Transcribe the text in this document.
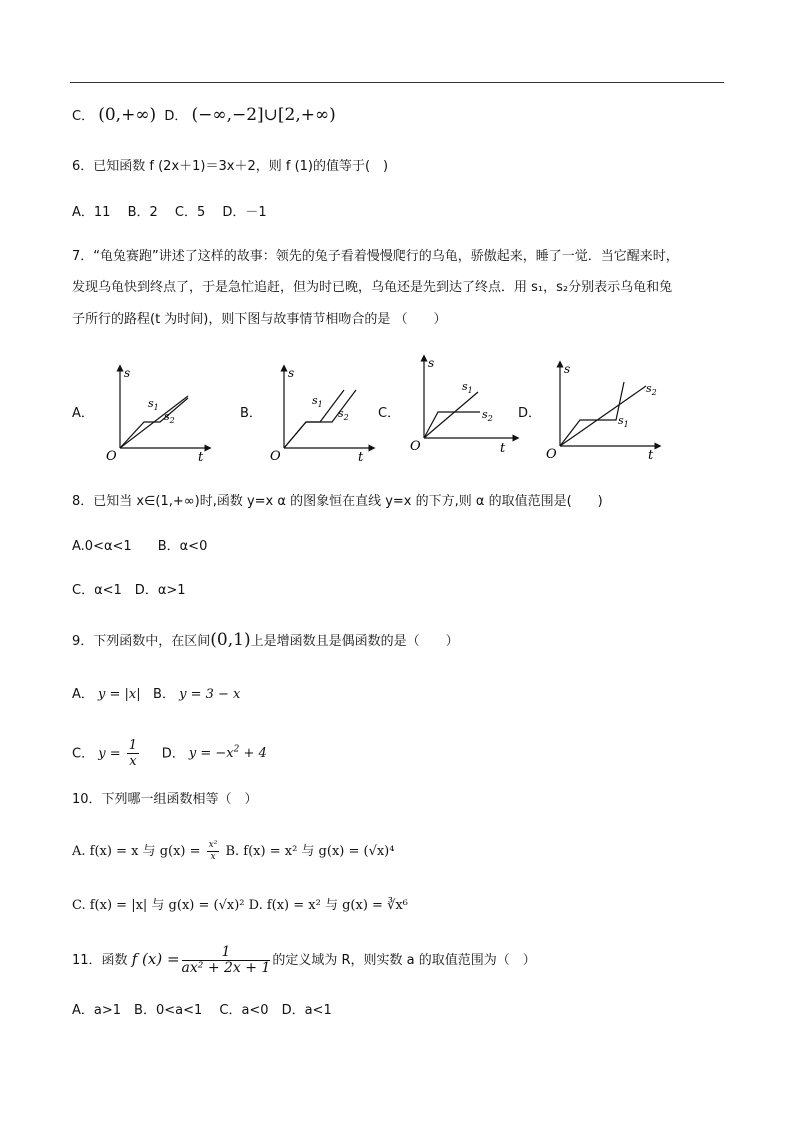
C． (0,+∞) D． (−∞,−2]∪[2,+∞)
6．已知函数 f (2x＋1)＝3x＋2，则 f (1)的值等于(　)
A．11　 B．2　 C．5　 D．－1
7．“龟兔赛跑”讲述了这样的故事：领先的兔子看着慢慢爬行的乌龟，骄傲起来，睡了一觉．当它醒来时，
发现乌龟快到终点了，于是急忙追赶，但为时已晚，乌龟还是先到达了终点．用 s₁，s₂分别表示乌龟和兔
子所行的路程(t 为时间)，则下图与故事情节相吻合的是 （　　）
A．	B．	C．	D．
s
O	t
$s_1$
$s_2$
s
O	t
$s_1$
$s_2$
s
O	t
$s_1$
$s_2$
s
O	t
$s_2$
$s_1$
8．已知当 x∈(1,+∞)时,函数 y=x α 的图象恒在直线 y=x 的下方,则 α 的取值范围是(　　)
A.0<α<1　　B．α<0
C．α<1　D．α>1
9．下列函数中，在区间(0,1)上是增函数且是偶函数的是（　　）
A． y = |x| B． y = 3 − x
C． $y = \frac{1}{x}$ D． $y = -x^2 + 4$
10．下列哪一组函数相等（　）
A. f(x) = x 与 $g(x) = \frac{\text{x²}}{x} B$. f(x) = x² 与 g(x) = (√x)⁴
C. f(x) = |x| 与 g(x) = (√x)² D. f(x) = x² 与 g(x) = ∛x⁶
11．函数 f $(x) = \frac{1}{\text{ax² + 2x + 1}}$ 的定义域为 R，则实数 a 的取值范围为（　）
A．a>1　B．0<a<1　 C．a<0　D．a<1
